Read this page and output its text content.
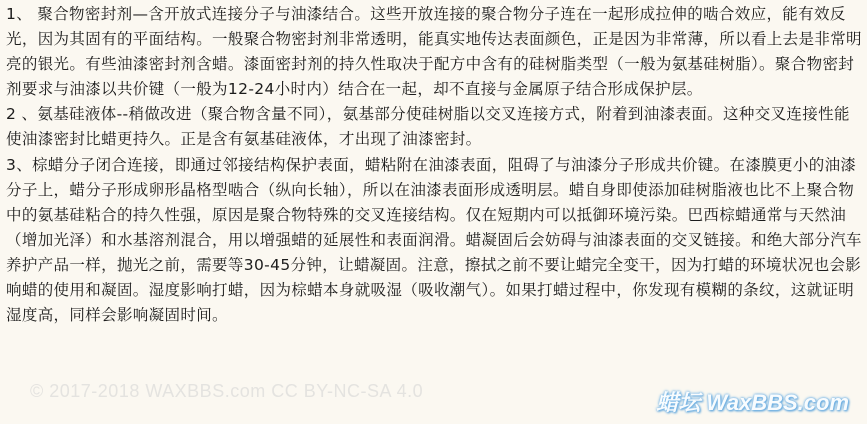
1、 聚合物密封剂—含开放式连接分子与油漆结合。这些开放连接的聚合物分子连在一起形成拉伸的啮合效应，能有效反光，因为其固有的平面结构。一般聚合物密封剂非常透明，能真实地传达表面颜色，正是因为非常薄，所以看上去是非常明亮的银光。有些油漆密封剂含蜡。漆面密封剂的持久性取决于配方中含有的硅树脂类型（一般为氨基硅树脂）。聚合物密封剂要求与油漆以共价键（一般为12-24小时内）结合在一起，却不直接与金属原子结合形成保护层。

2 、氨基硅液体--稍做改进（聚合物含量不同），氨基部分使硅树脂以交叉连接方式，附着到油漆表面。这种交叉连接性能使油漆密封比蜡更持久。正是含有氨基硅液体，才出现了油漆密封。

3、棕蜡分子闭合连接，即通过邻接结构保护表面，蜡粘附在油漆表面，阻碍了与油漆分子形成共价键。在漆膜更小的油漆分子上，蜡分子形成卵形晶格型啮合（纵向长轴），所以在油漆表面形成透明层。蜡自身即使添加硅树脂液也比不上聚合物中的氨基硅粘合的持久性强，原因是聚合物特殊的交叉连接结构。仅在短期内可以抵御环境污染。巴西棕蜡通常与天然油（增加光泽）和水基溶剂混合，用以增强蜡的延展性和表面润滑。蜡凝固后会妨碍与油漆表面的交叉链接。和绝大部分汽车养护产品一样，抛光之前，需要等30-45分钟，让蜡凝固。注意，擦拭之前不要让蜡完全变干，因为打蜡的环境状况也会影响蜡的使用和凝固。湿度影响打蜡，因为棕蜡本身就吸湿（吸收潮气）。如果打蜡过程中，你发现有模糊的条纹，这就证明湿度高，同样会影响凝固时间。

© 2017-2018 WAXBBS.com CC BY-NC-SA 4.0	蜡坛 WaxBBS.com
